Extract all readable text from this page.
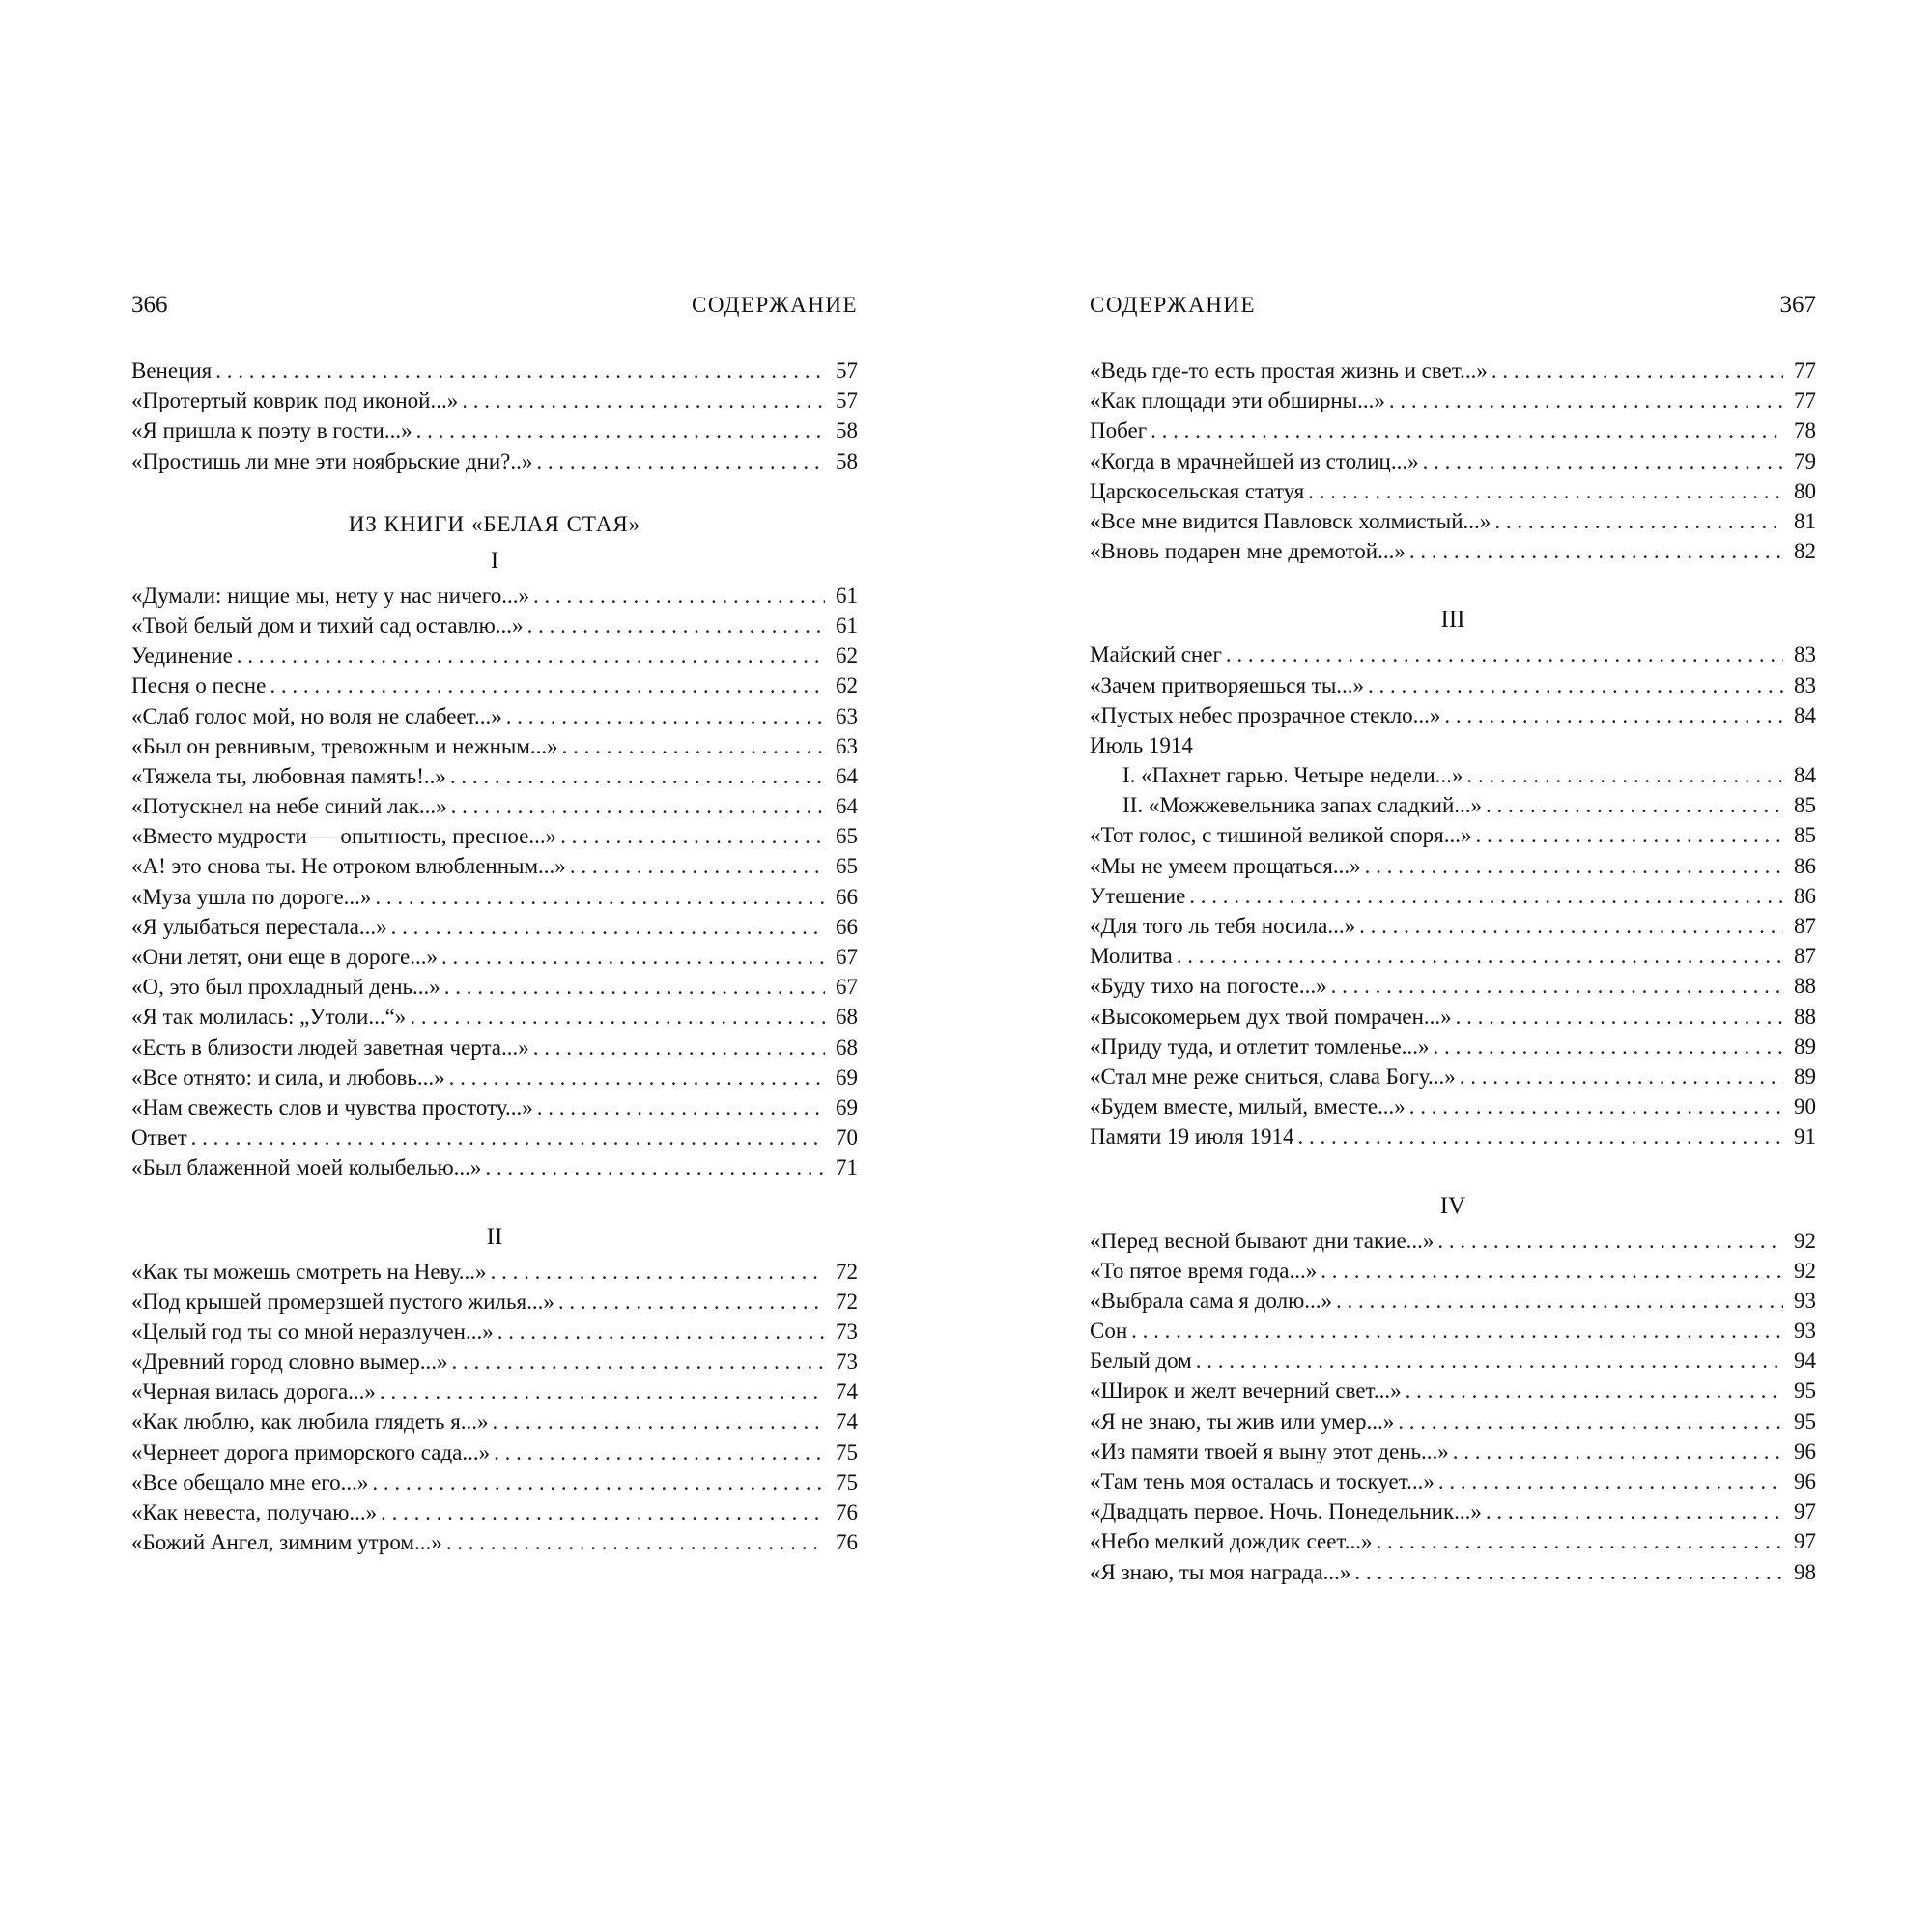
366	СОДЕРЖАНИЕ
Венеция . . .	57
«Протертый коврик под иконой...» . . .	57
«Я пришла к поэту в гости...» . . .	58
«Простишь ли мне эти ноябрьские дни?..» . . .	58
ИЗ КНИГИ «БЕЛАЯ СТАЯ»
I
«Думали: нищие мы, нету у нас ничего...» . . .	61
«Твой белый дом и тихий сад оставлю...» . . .	61
Уединение . . .	62
Песня о песне . . .	62
«Слаб голос мой, но воля не слабеет...» . . .	63
«Был он ревнивым, тревожным и нежным...» . . .	63
«Тяжела ты, любовная память!..» . . .	64
«Потускнел на небе синий лак...» . . .	64
«Вместо мудрости — опытность, пресное...» . . .	65
«А! это снова ты. Не отроком влюбленным...» . . .	65
«Муза ушла по дороге...» . . .	66
«Я улыбаться перестала...» . . .	66
«Они летят, они еще в дороге...» . . .	67
«О, это был прохладный день...» . . .	67
«Я так молилась: „Утоли...“» . . .	68
«Есть в близости людей заветная черта...» . . .	68
«Все отнято: и сила, и любовь...» . . .	69
«Нам свежесть слов и чувства простоту...» . . .	69
Ответ . . .	70
«Был блаженной моей колыбелью...» . . .	71
II
«Как ты можешь смотреть на Неву...» . . .	72
«Под крышей промерзшей пустого жилья...» . . .	72
«Целый год ты со мной неразлучен...» . . .	73
«Древний город словно вымер...» . . .	73
«Черная вилась дорога...» . . .	74
«Как люблю, как любила глядеть я...» . . .	74
«Чернеет дорога приморского сада...» . . .	75
«Все обещало мне его...» . . .	75
«Как невеста, получаю...» . . .	76
«Божий Ангел, зимним утром...» . . .	76
СОДЕРЖАНИЕ	367
«Ведь где-то есть простая жизнь и свет...» . . .	77
«Как площади эти обширны...» . . .	77
Побег . . .	78
«Когда в мрачнейшей из столиц...» . . .	79
Царскосельская статуя . . .	80
«Все мне видится Павловск холмистый...» . . .	81
«Вновь подарен мне дремотой...» . . .	82
III
Майский снег . . .	83
«Зачем притворяешься ты...» . . .	83
«Пустых небес прозрачное стекло...» . . .	84
Июль 1914
I. «Пахнет гарью. Четыре недели...» . . .	84
II. «Можжевельника запах сладкий...» . . .	85
«Тот голос, с тишиной великой споря...» . . .	85
«Мы не умеем прощаться...» . . .	86
Утешение . . .	86
«Для того ль тебя носила...» . . .	87
Молитва . . .	87
«Буду тихо на погосте...» . . .	88
«Высокомерьем дух твой помрачен...» . . .	88
«Приду туда, и отлетит томленье...» . . .	89
«Стал мне реже сниться, слава Богу...» . . .	89
«Будем вместе, милый, вместе...» . . .	90
Памяти 19 июля 1914 . . .	91
IV
«Перед весной бывают дни такие...» . . .	92
«То пятое время года...» . . .	92
«Выбрала сама я долю...» . . .	93
Сон . . .	93
Белый дом . . .	94
«Широк и желт вечерний свет...» . . .	95
«Я не знаю, ты жив или умер...» . . .	95
«Из памяти твоей я выну этот день...» . . .	96
«Там тень моя осталась и тоскует...» . . .	96
«Двадцать первое. Ночь. Понедельник...» . . .	97
«Небо мелкий дождик сеет...» . . .	97
«Я знаю, ты моя награда...» . . .	98
